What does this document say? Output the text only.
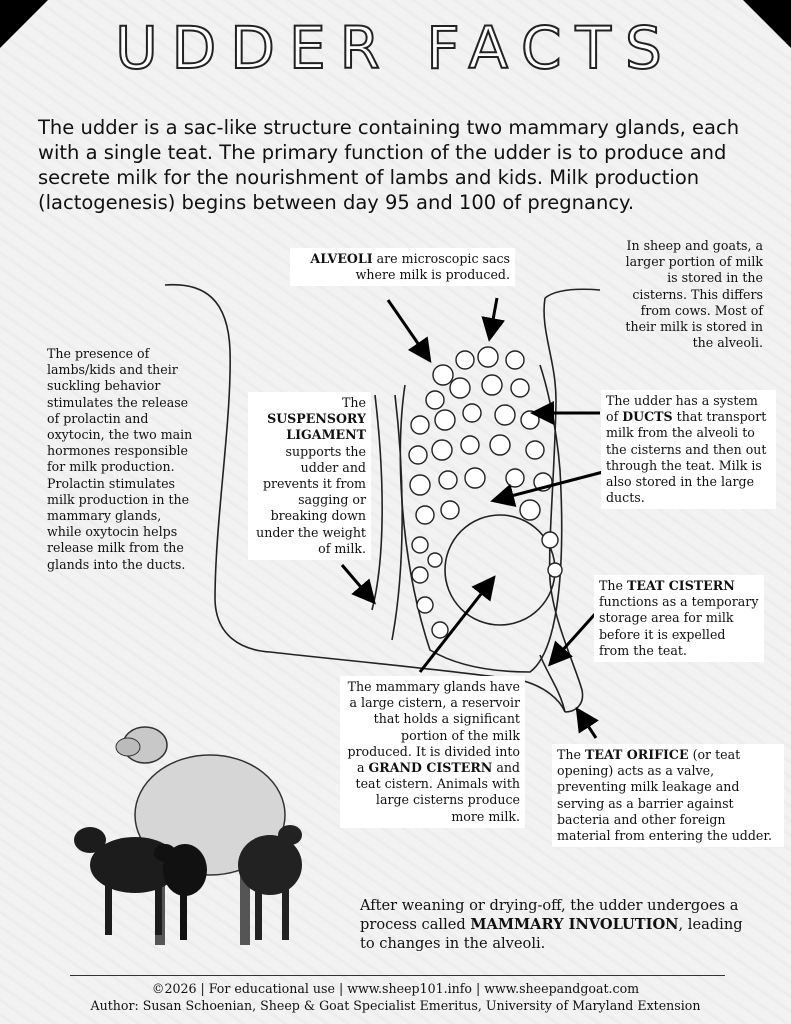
UDDER FACTS
The udder is a sac-like structure containing two mammary glands, each with a single teat. The primary function of the udder is to produce and secrete milk for the nourishment of lambs and kids. Milk production (lactogenesis) begins between day 95 and 100 of pregnancy.
ALVEOLI are microscopic sacs where milk is produced.
In sheep and goats, a larger portion of milk is stored in the cisterns. This differs from cows. Most of their milk is stored in the alveoli.
The presence of lambs/kids and their suckling behavior stimulates the release of prolactin and oxytocin, the two main hormones responsible for milk production. Prolactin stimulates milk production in the mammary glands, while oxytocin helps release milk from the glands into the ducts.
The SUSPENSORY LIGAMENT supports the udder and prevents it from sagging or breaking down under the weight of milk.
The udder has a system of DUCTS that transport milk from the alveoli to the cisterns and then out through the teat. Milk is also stored in the large ducts.
The TEAT CISTERN functions as a temporary storage area for milk before it is expelled from the teat.
The mammary glands have a large cistern, a reservoir that holds a significant portion of the milk produced. It is divided into a GRAND CISTERN and teat cistern. Animals with large cisterns produce more milk.
The TEAT ORIFICE (or teat opening) acts as a valve, preventing milk leakage and serving as a barrier against bacteria and other foreign material from entering the udder.
After weaning or drying-off, the udder undergoes a process called MAMMARY INVOLUTION, leading to changes in the alveoli.
©2026 | For educational use | www.sheep101.info | www.sheepandgoat.com
Author: Susan Schoenian, Sheep & Goat Specialist Emeritus, University of Maryland Extension
